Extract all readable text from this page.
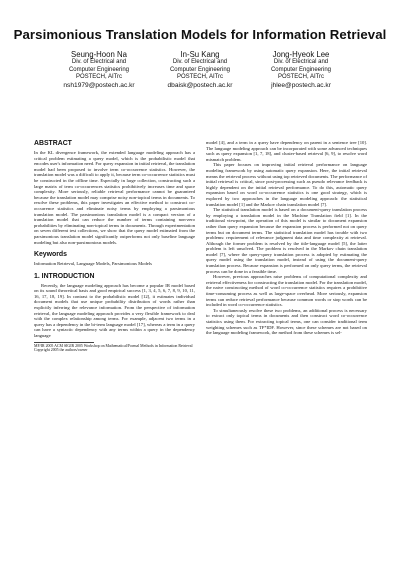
Parsimonious Translation Models for Information Retrieval
Seung-Hoon Na
Div. of Electrical and
Computer Engineering
POSTECH, AITrc
nsh1979@postech.ac.kr
In-Su Kang
Div. of Electrical and
Computer Engineering
POSTECH, AITrc
dbaisk@postech.ac.kr
Jong-Hyeok Lee
Div. of Electrical and
Computer Engineering
POSTECH, AITrc
jhlee@postech.ac.kr

ABSTRACT

In the KL divergence framework, the extended language modeling approach has a critical problem estimating a query model, which is the probabilistic model that encodes user's information need. For query expansion in initial retrieval, the translation model had been proposed to involve term co-occurrence statistics. However, the translation model was a difficult to apply it, because term co-occurrence statistics must be constructed in the offline time. Especially in large collection, constructing such a large matrix of term co-occurrences statistics prohibitively increases time and space complexity. More seriously, reliable retrieval performance cannot be guaranteed because the translation model may comprise noisy non-topical terms in documents. To resolve these problems, this paper investigates an effective method to construct co-occurrence statistics and eliminate noisy terms by employing a parsimonious translation model. The parsimonious translation model is a compact version of a translation model that can reduce the number of terms containing non-zero probabilities by eliminating non-topical terms in documents. Through experimentation on seven different test collections, we show that the query model estimated from the parsimonious translation model significantly outperforms not only baseline language modeling but also non-parsimonious models.

Keywords

Information Retrieval, Language Models, Parsimonious Models

1. INTRODUCTION

Recently, the language modeling approach has become a popular IR model based on its sound theoretical basis and good empirical success [1, 3, 4, 5, 6, 7, 8, 9, 10, 11, 16, 17, 18, 19]. In contrast to the probabilistic model [12], it estimates individual document models that use unique probability distribution of words rather than explicitly inferring the relevance information. From the perspective of information retrieval, the language modeling approach provides a very flexible framework to deal with the complex relationship among terms. For example, adjacent two terms in a query has a dependency in the bi-term language model [17], whereas a term in a query can have a syntactic dependency with any terms within a query in the dependency language

MF/IR 2005 ACM SIGIR 2005 Workshop on Mathematical/Formal Methods in Information Retrieval
Copyright 2005 the authors/owner

model [4], and a term in a query have dependency on parent in a sentence tree [10]. The language modeling approach can be incorporated with some advanced techniques such as query expansion [1, 7, 18], and cluster-based retrieval [6, 9], to resolve word mismatch problem.

This paper focuses on improving initial retrieval performance on language modeling framework by using automatic query expansion. Here, the initial retrieval means the retrieval process without using top retrieved documents. The performance of initial retrieval is critical, since post-processing such as pseudo relevance feedback is highly dependent on the initial retrieval performance. To do this, automatic query expansion based on word co-occurrence statistics is one good strategy, which is explored by two approaches in the language modeling approach: the statistical translation model [1] and the Markov chain translation model [7].

The statistical translation model is based on a document-query translation process by employing a translation model in the Machine Translation field [1]. In the traditional viewpoint, the operation of this model is similar to document expansion rather than query expansion because the expansion process is performed not on query terms but on document terms. The statistical translation model has trouble with two problems: requirement of relevance judgment data and time complexity at retrieval. Although the former problem is resolved by the title-language model [5], the latter problem is left unsolved. The problem is resolved in the Markov chain translation model [7], where the query-query translation process is adopted by estimating the query model using the translation model, instead of using the document-query translation process. Because expansion is performed on only query terms, the retrieval process can be done in a feasible time.

However, previous approaches raise problems of computational complexity and retrieval effectiveness for constructing the translation model. For the translation model, the naive constructing method of word co-occurrence statistics requires a prohibitive time-consuming process as well as large-space overhead. More seriously, expansion terms can reduce retrieval performance because common words or stop words can be included in word co-occurrence statistics.

To simultaneously resolve these two problems, an additional process is necessary to extract only topical terms in documents and then construct word co-occurrence statistics using them. For extracting topical terms, one can consider traditional term weighting schemes such as TF*IDF. However, since these schemes are not based on the language modeling framework, the method from these schemes is sel-
